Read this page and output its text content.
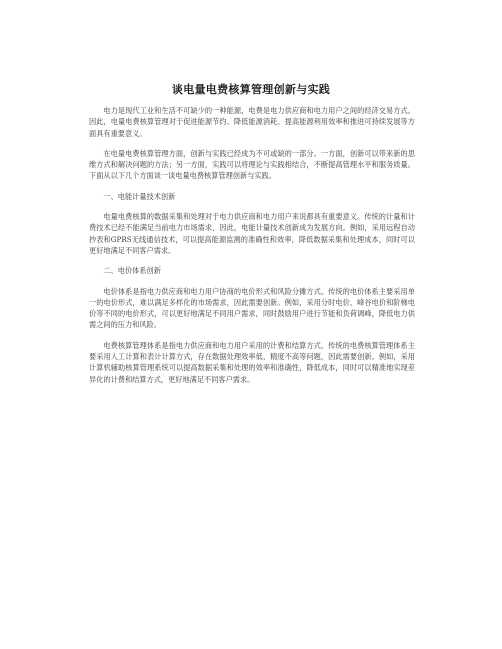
谈电量电费核算管理创新与实践

电力是现代工业和生活不可缺少的一种能源，电费是电力供应商和电力用户之间的经济交易方式。因此，电量电费核算管理对于促进能源节约、降低能源消耗、提高能源利用效率和推进可持续发展等方面具有重要意义。

在电量电费核算管理方面，创新与实践已经成为不可或缺的一部分。一方面，创新可以带来新的思维方式和解决问题的方法；另一方面，实践可以将理论与实践相结合，不断提高管理水平和服务质量。下面从以下几个方面谈一谈电量电费核算管理创新与实践。

一、电能计量技术创新

电量电费核算的数据采集和处理对于电力供应商和电力用户来说都具有重要意义。传统的计量和计费技术已经不能满足当前电力市场需求，因此，电能计量技术创新成为发展方向。例如，采用远程自动抄表和GPRS无线通信技术，可以提高能源监测的准确性和效率，降低数据采集和处理成本，同时可以更好地满足不同客户需求。

二、电价体系创新

电价体系是指电力供应商和电力用户协商的电价形式和风险分摊方式。传统的电价体系主要采用单一的电价形式，难以满足多样化的市场需求，因此需要创新。例如，采用分时电价、峰谷电价和阶梯电价等不同的电价形式，可以更好地满足不同用户需求，同时鼓励用户进行节能和负荷调峰，降低电力供需之间的压力和风险。

电费核算管理体系是指电力供应商和电力用户采用的计费和结算方式。传统的电费核算管理体系主要采用人工计算和表计计算方式，存在数据处理效率低、精度不高等问题，因此需要创新。例如，采用计算机辅助核算管理系统可以提高数据采集和处理的效率和准确性，降低成本，同时可以精准地实现差异化的计费和结算方式，更好地满足不同客户需求。
